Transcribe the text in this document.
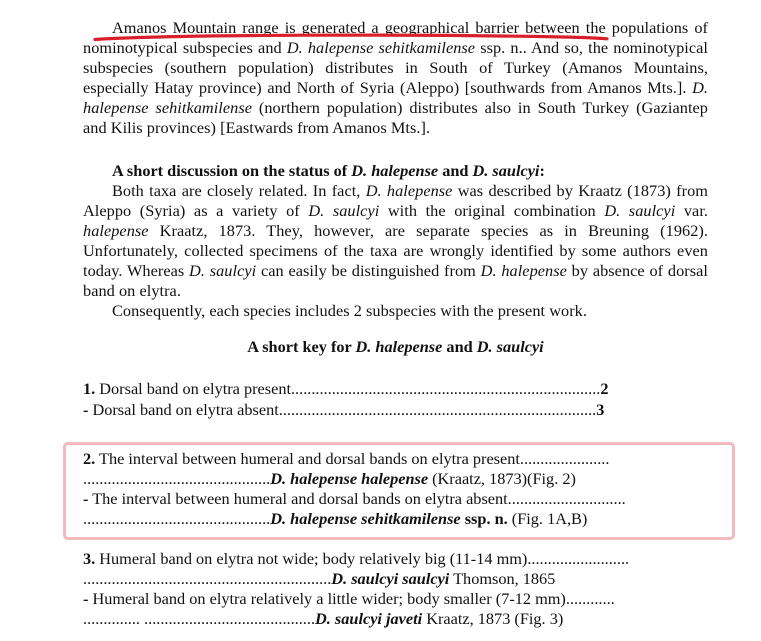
Amanos Mountain range is generated a geographical barrier between the populations of nominotypical subspecies and D. halepense sehitkamilense ssp. n.. And so, the nominotypical subspecies (southern population) distributes in South of Turkey (Amanos Mountains, especially Hatay province) and North of Syria (Aleppo) [southwards from Amanos Mts.]. D. halepense sehitkamilense (northern population) distributes also in South Turkey (Gaziantep and Kilis provinces) [Eastwards from Amanos Mts.].

A short discussion on the status of D. halepense and D. saulcyi:

Both taxa are closely related. In fact, D. halepense was described by Kraatz (1873) from Aleppo (Syria) as a variety of D. saulcyi with the original combination D. saulcyi var. halepense Kraatz, 1873. They, however, are separate species as in Breuning (1962). Unfortunately, collected specimens of the taxa are wrongly identified by some authors even today. Whereas D. saulcyi can easily be distinguished from D. halepense by absence of dorsal band on elytra.

Consequently, each species includes 2 subspecies with the present work.

A short key for D. halepense and D. saulcyi

1. Dorsal band on elytra present............................................................................2

- Dorsal band on elytra absent..............................................................................3

2. The interval between humeral and dorsal bands on elytra present......................

..............................................D. halepense halepense (Kraatz, 1873)(Fig. 2)

- The interval between humeral and dorsal bands on elytra absent.............................

..............................................D. halepense sehitkamilense ssp. n. (Fig. 1A,B)

3. Humeral band on elytra not wide; body relatively big (11-14 mm).........................

.............................................................D. saulcyi saulcyi Thomson, 1865

- Humeral band on elytra relatively a little wider; body smaller (7-12 mm)............

.............. ..........................................D. saulcyi javeti Kraatz, 1873 (Fig. 3)
